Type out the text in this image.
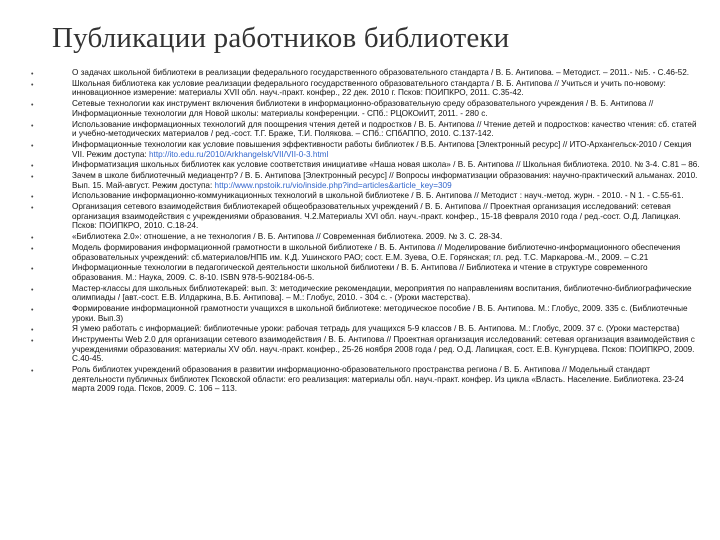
Публикации работников библиотеки
•	О задачах школьной библиотеки в реализации федерального государственного образовательного стандарта / В. Б. Антипова. – Методист. – 2011.- №5. - С.46-52.
•	Школьная библиотека как условие реализации федерального государственного образовательного стандарта / В. Б. Антипова // Учиться и учить по-новому: инновационное измерение: материалы XVII обл. науч.-практ. конфер., 22 дек. 2010 г. Псков: ПОИПКРО, 2011. С.35-42.
•	Сетевые технологии как инструмент включения библиотеки в информационно-образовательную среду образовательного учреждения / В. Б. Антипова // Информационные технологии для Новой школы: материалы конференции. - СПб.: РЦОКОиИТ, 2011. - 280 с.
•	Использование информационных технологий для поощрения чтения детей и подростков / В. Б. Антипова // Чтение детей и подростков: качество чтения: сб. статей и учебно-методических материалов / ред.-сост. Т.Г. Браже, Т.И. Полякова. – СПб.: СПбАППО, 2010. С.137-142.
•	Информационные технологии как условие повышения эффективности работы библиотек / В.Б. Антипова [Электронный ресурс] // ИТО-Архангельск-2010 / Секция VII. Режим доступа: http://ito.edu.ru/2010/Arkhangelsk/VII/VII-0-3.html
•	Информатизация школьных библиотек как условие соответствия инициативе «Наша новая школа» / В. Б. Антипова // Школьная библиотека. 2010. № 3-4. С.81 – 86.
•	Зачем в школе библиотечный медиацентр? / В. Б. Антипова [Электронный ресурс] // Вопросы информатизации образования: научно-практический альманах. 2010. Вып. 15. Май-август. Режим доступа: http://www.npstoik.ru/vio/inside.php?ind=articles&article_key=309
•	Использование информационно-коммуникационных технологий в школьной библиотеке / В. Б. Антипова // Методист : науч.-метод. журн. - 2010. - N 1. - С.55-61.
•	Организация сетевого взаимодействия библиотекарей общеобразовательных учреждений / В. Б. Антипова // Проектная организация исследований: сетевая организация взаимодействия с учреждениями образования. Ч.2.Материалы XVI обл. науч.-практ. конфер., 15-18 февраля 2010 года / ред.-сост. О.Д. Лапицкая. Псков: ПОИПКРО, 2010. С.18-24.
•	«Библиотека 2.0»: отношение, а не технология / В. Б. Антипова // Современная библиотека. 2009. № 3. С. 28-34.
•	Модель формирования информационной грамотности в школьной библиотеке / В. Б. Антипова // Моделирование библиотечно-информационного обеспечения образовательных учреждений: сб.материалов/НПБ им. К.Д. Ушинского РАО; сост. Е.М. Зуева, О.Е. Горянская; гл. ред. Т.С. Маркарова.-М., 2009. – С.21
•	Информационные технологии в педагогической деятельности школьной библиотеки / В. Б. Антипова // Библиотека и чтение в структуре современного образования. М.: Наука, 2009. С. 8-10. ISBN 978-5-902184-06-5.
•	Мастер-классы для школьных библиотекарей: вып. 3: методические рекомендации, мероприятия по направлениям воспитания, библиотечно-библиографические олимпиады / [авт.-сост. Е.В. Илдаркина, В.Б. Антипова]. – М.: Глобус, 2010. - 304 с. - (Уроки мастерства).
•	Формирование информационной грамотности учащихся в школьной библиотеке: методическое пособие / В. Б. Антипова. М.: Глобус, 2009. 335 с. (Библиотечные уроки. Вып.3)
•	Я умею работать с информацией: библиотечные уроки: рабочая тетрадь для учащихся 5-9 классов / В. Б. Антипова. М.: Глобус, 2009. 37 с. (Уроки мастерства)
•	Инструменты Web 2.0 для организации сетевого взаимодействия / В. Б. Антипова // Проектная организация исследований: сетевая организация взаимодействия с учреждениями образования: материалы XV обл. науч.-практ. конфер., 25-26 ноября 2008 года / ред. О.Д. Лапицкая, сост. Е.В. Кунгурцева. Псков: ПОИПКРО, 2009. С.40-45.
•	Роль библиотек учреждений образования в развитии информационно-образовательного пространства региона / В. Б. Антипова // Модельный стандарт деятельности публичных библиотек Псковской области: его реализация: материалы обл. науч.-практ. конфер. Из цикла «Власть. Население. Библиотека. 23-24 марта 2009 года. Псков, 2009. С. 106 – 113.
